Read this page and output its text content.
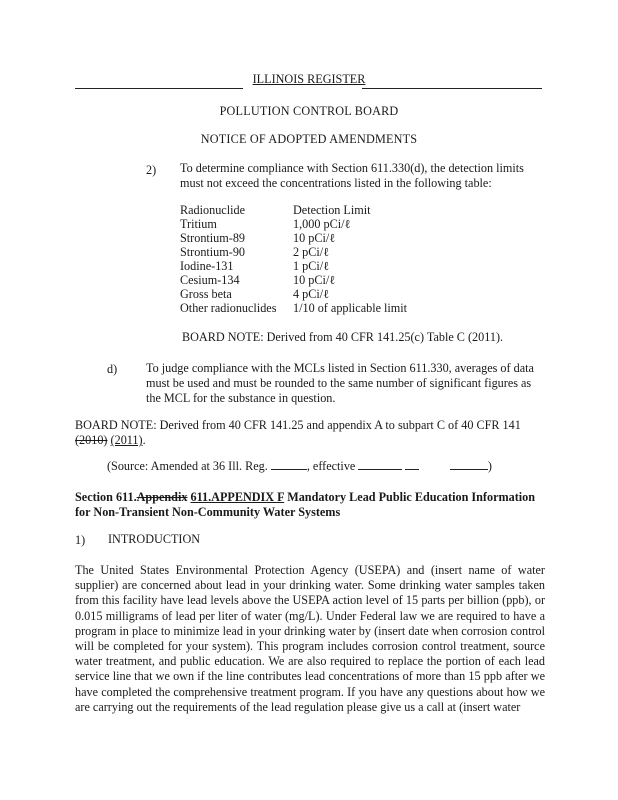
ILLINOIS REGISTER
POLLUTION CONTROL BOARD
NOTICE OF ADOPTED AMENDMENTS
2) To determine compliance with Section 611.330(d), the detection limits must not exceed the concentrations listed in the following table:
Radionuclide	Detection Limit
Tritium	1,000 pCi/ℓ
Strontium-89	10 pCi/ℓ
Strontium-90	2 pCi/ℓ
Iodine-131	1 pCi/ℓ
Cesium-134	10 pCi/ℓ
Gross beta	4 pCi/ℓ
Other radionuclides	1/10 of applicable limit
BOARD NOTE: Derived from 40 CFR 141.25(c) Table C (2011).
d) To judge compliance with the MCLs listed in Section 611.330, averages of data must be used and must be rounded to the same number of significant figures as the MCL for the substance in question.
BOARD NOTE: Derived from 40 CFR 141.25 and appendix A to subpart C of 40 CFR 141 (2010) (2011).
(Source: Amended at 36 Ill. Reg.	, effective	)
Section 611.Appendix 611.APPENDIX F Mandatory Lead Public Education Information for Non-Transient Non-Community Water Systems
1) INTRODUCTION
The United States Environmental Protection Agency (USEPA) and (insert name of water supplier) are concerned about lead in your drinking water. Some drinking water samples taken from this facility have lead levels above the USEPA action level of 15 parts per billion (ppb), or 0.015 milligrams of lead per liter of water (mg/L). Under Federal law we are required to have a program in place to minimize lead in your drinking water by (insert date when corrosion control will be completed for your system). This program includes corrosion control treatment, source water treatment, and public education. We are also required to replace the portion of each lead service line that we own if the line contributes lead concentrations of more than 15 ppb after we have completed the comprehensive treatment program. If you have any questions about how we are carrying out the requirements of the lead regulation please give us a call at (insert water
